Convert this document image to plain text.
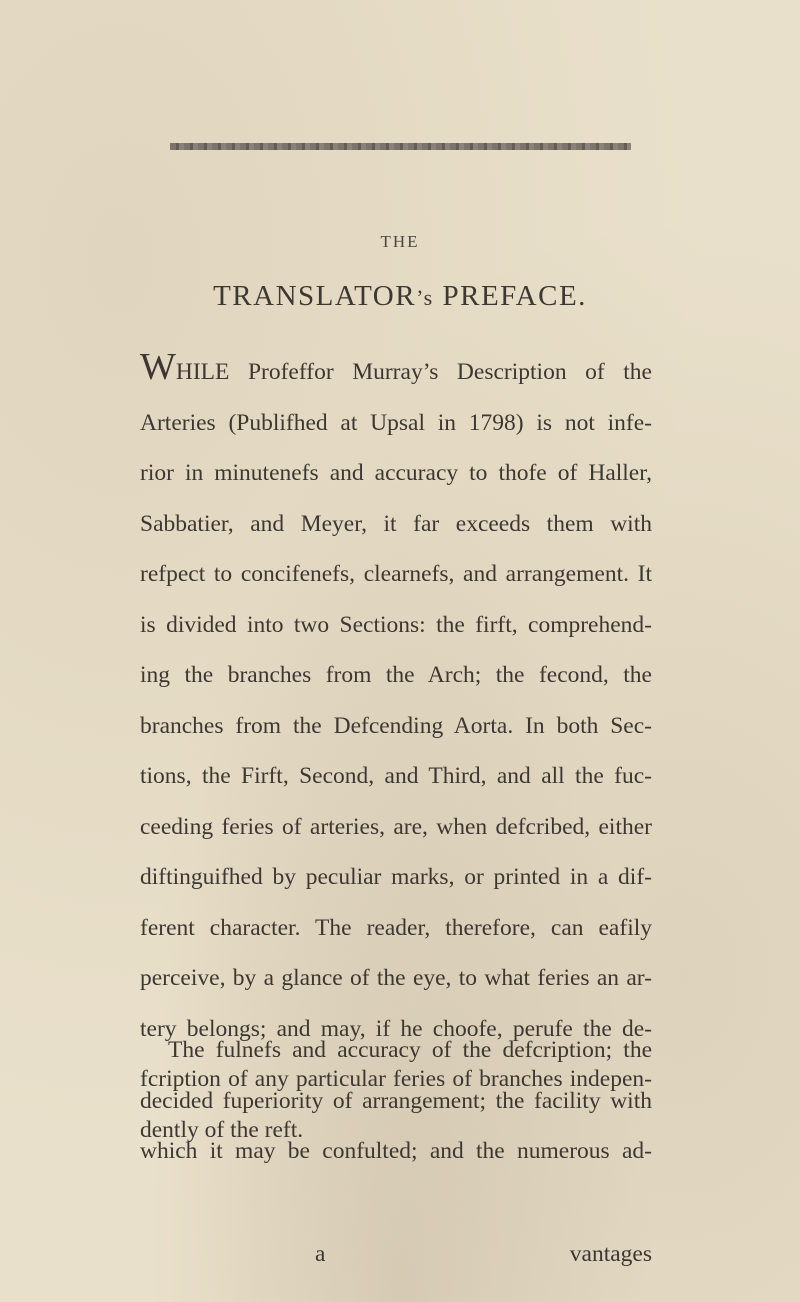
THE
TRANSLATOR’s PREFACE.
WHILE Profeffor Murray’s Description of the
Arteries (Publifhed at Upsal in 1798) is not infe-
rior in minutenefs and accuracy to thofe of Haller,
Sabbatier, and Meyer, it far exceeds them with
refpect to concifenefs, clearnefs, and arrangement. It
is divided into two Sections: the firft, comprehend-
ing the branches from the Arch; the fecond, the
branches from the Defcending Aorta. In both Sec-
tions, the Firft, Second, and Third, and all the fuc-
ceeding feries of arteries, are, when defcribed, either
diftinguifhed by peculiar marks, or printed in a dif-
ferent character. The reader, therefore, can eafily
perceive, by a glance of the eye, to what feries an ar-
tery belongs; and may, if he choofe, perufe the de-
fcription of any particular feries of branches indepen-
dently of the reft.
The fulnefs and accuracy of the defcription; the
decided fuperiority of arrangement; the facility with
which it may be confulted; and the numerous ad-
a	vantages
